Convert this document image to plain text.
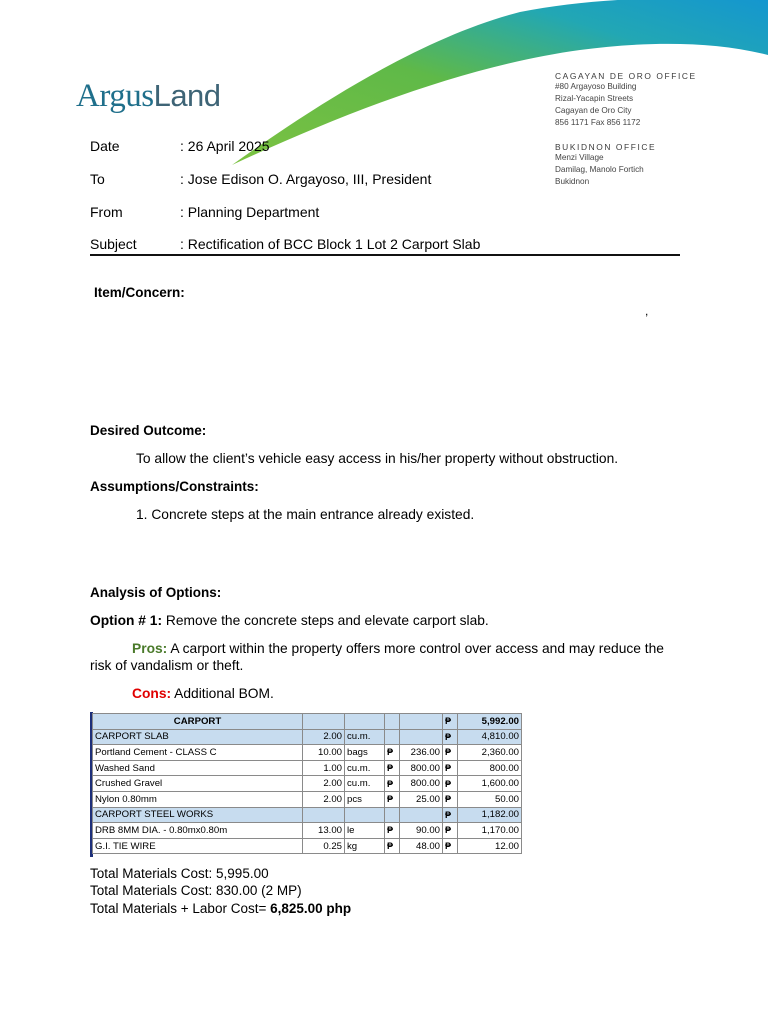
ArgusLand
CAGAYAN DE ORO OFFICE
#80 Argayoso Building
Rizal-Yacapin Streets
Cagayan de Oro City
856 1171 Fax 856 1172
BUKIDNON OFFICE
Menzi Village
Damilag, Manolo Fortich
Bukidnon
Date	: 26 April 2025
To	: Jose Edison O. Argayoso, III, President
From	: Planning Department
Subject	: Rectification of BCC Block 1 Lot 2 Carport Slab
Item/Concern:
,
Desired Outcome:
To allow the client’s vehicle easy access in his/her property without obstruction.
Assumptions/Constraints:
1. Concrete steps at the main entrance already existed.
Analysis of Options:
Option # 1: Remove the concrete steps and elevate carport slab.
Pros: A carport within the property offers more control over access and may reduce the
risk of vandalism or theft.
Cons: Additional BOM.
CARPORT					₱	5,992.00
CARPORT SLAB	2.00	cu.m.			₱	4,810.00
Portland Cement - CLASS C	10.00	bags	₱	236.00	₱	2,360.00
Washed Sand	1.00	cu.m.	₱	800.00	₱	800.00
Crushed Gravel	2.00	cu.m.	₱	800.00	₱	1,600.00
Nylon 0.80mm	2.00	pcs	₱	25.00	₱	50.00
CARPORT STEEL WORKS					₱	1,182.00
DRB 8MM DIA. - 0.80mx0.80m	13.00	le	₱	90.00	₱	1,170.00
G.I. TIE WIRE	0.25	kg	₱	48.00	₱	12.00
Total Materials Cost: 5,995.00
Total Materials Cost: 830.00 (2 MP)
Total Materials + Labor Cost= 6,825.00 php
